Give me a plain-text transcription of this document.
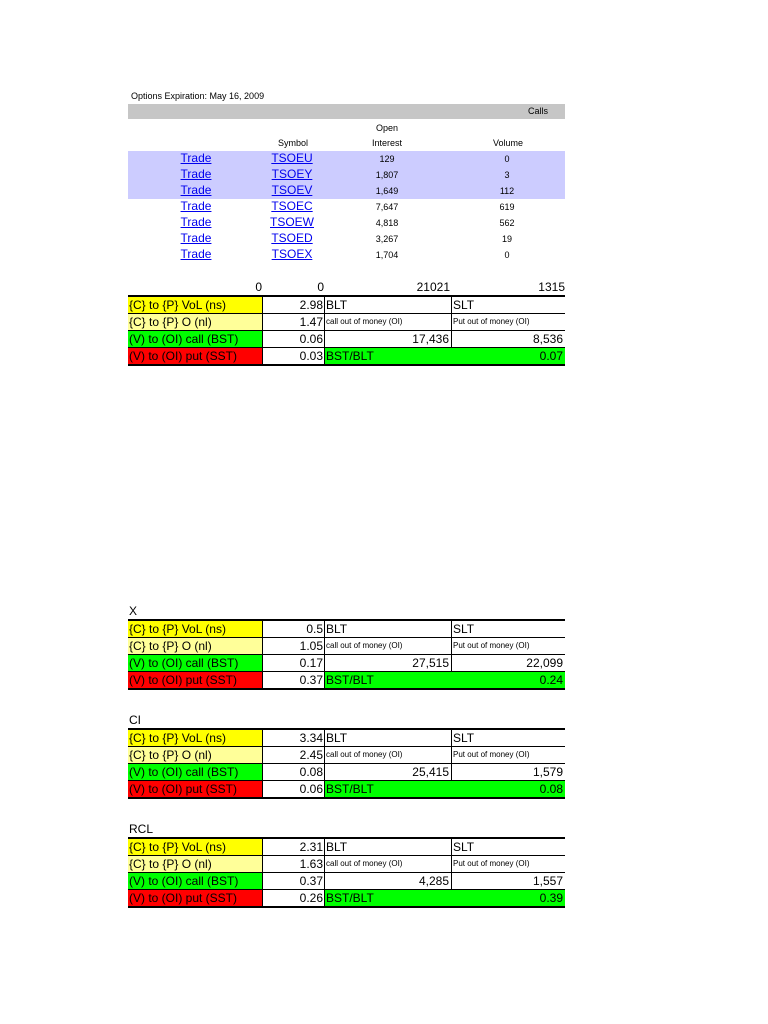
Options Expiration: May 16, 2009
Calls
Symbol
Open
Interest	Volume
Trade	TSOEU	129	0
Trade	TSOEY	1,807	3
Trade	TSOEV	1,649	112
Trade	TSOEC	7,647	619
Trade	TSOEW	4,818	562
Trade	TSOED	3,267	19
Trade	TSOEX	1,704	0
0	0	21021	1315
{C} to {P} VoL (ns)	2.98 BLT	SLT
{C} to {P} O (nl)	1.47 call out of money (OI)	Put out of money (OI)
(V) to (OI) call (BST)	0.06	17,436	8,536
(V) to (OI) put (SST)	0.03 BST/BLT	0.07
X
{C} to {P} VoL (ns)	0.5 BLT	SLT
{C} to {P} O (nl)	1.05 call out of money (OI)	Put out of money (OI)
(V) to (OI) call (BST)	0.17	27,515	22,099
(V) to (OI) put (SST)	0.37 BST/BLT	0.24
CI
{C} to {P} VoL (ns)	3.34 BLT	SLT
{C} to {P} O (nl)	2.45 call out of money (OI)	Put out of money (OI)
(V) to (OI) call (BST)	0.08	25,415	1,579
(V) to (OI) put (SST)	0.06 BST/BLT	0.08
RCL
{C} to {P} VoL (ns)	2.31 BLT	SLT
{C} to {P} O (nl)	1.63 call out of money (OI)	Put out of money (OI)
(V) to (OI) call (BST)	0.37	4,285	1,557
(V) to (OI) put (SST)	0.26 BST/BLT	0.39
